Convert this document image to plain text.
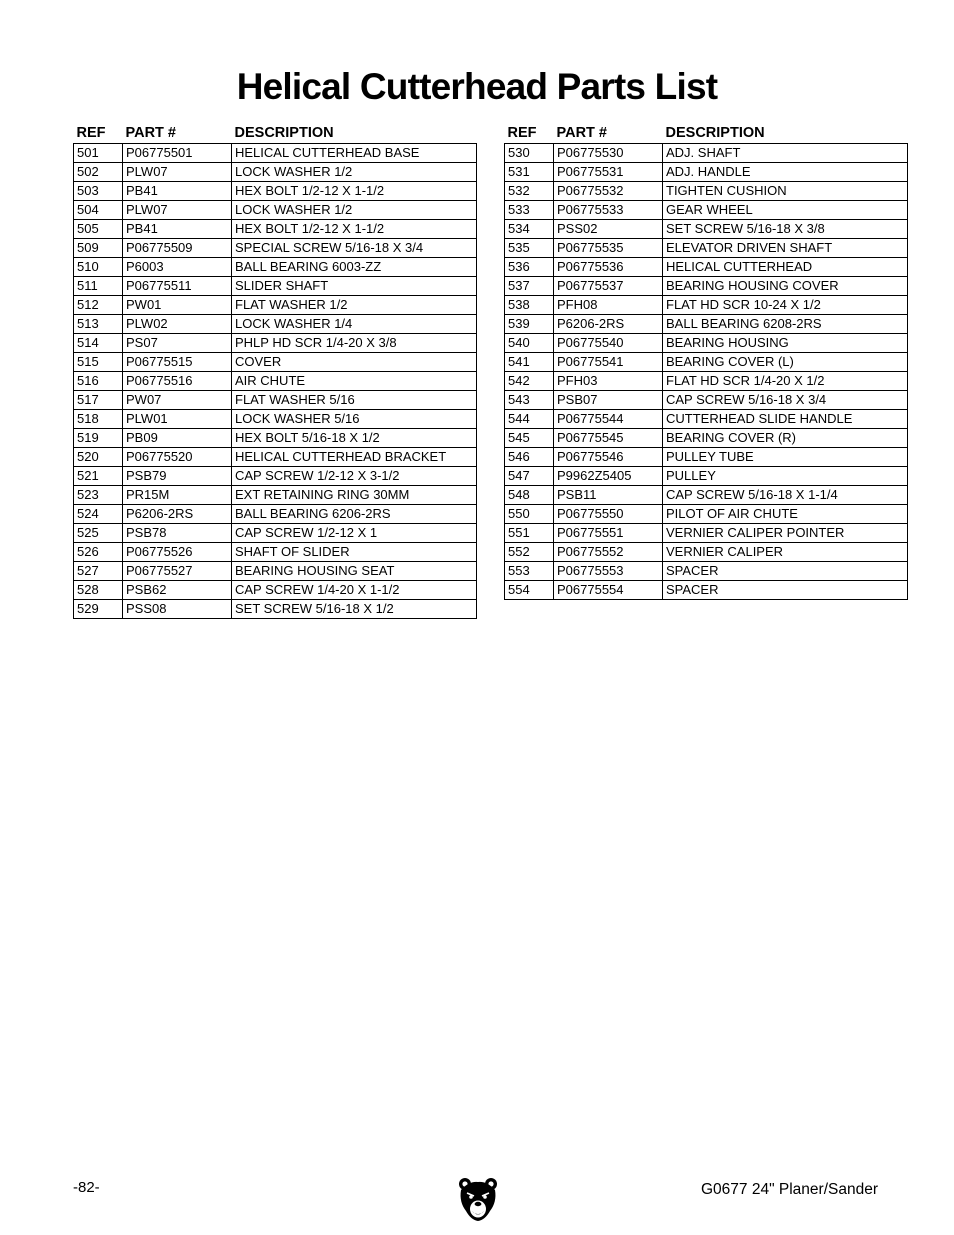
Helical Cutterhead Parts List
REF	PART #	DESCRIPTION
501	P06775501	HELICAL CUTTERHEAD BASE
502	PLW07	LOCK WASHER 1/2
503	PB41	HEX BOLT 1/2-12 X 1-1/2
504	PLW07	LOCK WASHER 1/2
505	PB41	HEX BOLT 1/2-12 X 1-1/2
509	P06775509	SPECIAL SCREW 5/16-18 X 3/4
510	P6003	BALL BEARING 6003-ZZ
511	P06775511	SLIDER SHAFT
512	PW01	FLAT WASHER 1/2
513	PLW02	LOCK WASHER 1/4
514	PS07	PHLP HD SCR 1/4-20 X 3/8
515	P06775515	COVER
516	P06775516	AIR CHUTE
517	PW07	FLAT WASHER 5/16
518	PLW01	LOCK WASHER 5/16
519	PB09	HEX BOLT 5/16-18 X 1/2
520	P06775520	HELICAL CUTTERHEAD BRACKET
521	PSB79	CAP SCREW 1/2-12 X 3-1/2
523	PR15M	EXT RETAINING RING 30MM
524	P6206-2RS	BALL BEARING 6206-2RS
525	PSB78	CAP SCREW 1/2-12 X 1
526	P06775526	SHAFT OF SLIDER
527	P06775527	BEARING HOUSING SEAT
528	PSB62	CAP SCREW 1/4-20 X 1-1/2
529	PSS08	SET SCREW 5/16-18 X 1/2
REF	PART #	DESCRIPTION
530	P06775530	ADJ. SHAFT
531	P06775531	ADJ. HANDLE
532	P06775532	TIGHTEN CUSHION
533	P06775533	GEAR WHEEL
534	PSS02	SET SCREW 5/16-18 X 3/8
535	P06775535	ELEVATOR DRIVEN SHAFT
536	P06775536	HELICAL CUTTERHEAD
537	P06775537	BEARING HOUSING COVER
538	PFH08	FLAT HD SCR 10-24 X 1/2
539	P6206-2RS	BALL BEARING 6208-2RS
540	P06775540	BEARING HOUSING
541	P06775541	BEARING COVER (L)
542	PFH03	FLAT HD SCR 1/4-20 X 1/2
543	PSB07	CAP SCREW 5/16-18 X 3/4
544	P06775544	CUTTERHEAD SLIDE HANDLE
545	P06775545	BEARING COVER (R)
546	P06775546	PULLEY TUBE
547	P9962Z5405	PULLEY
548	PSB11	CAP SCREW 5/16-18 X 1-1/4
550	P06775550	PILOT OF AIR CHUTE
551	P06775551	VERNIER CALIPER POINTER
552	P06775552	VERNIER CALIPER
553	P06775553	SPACER
554	P06775554	SPACER
-82-	G0677 24" Planer/Sander
